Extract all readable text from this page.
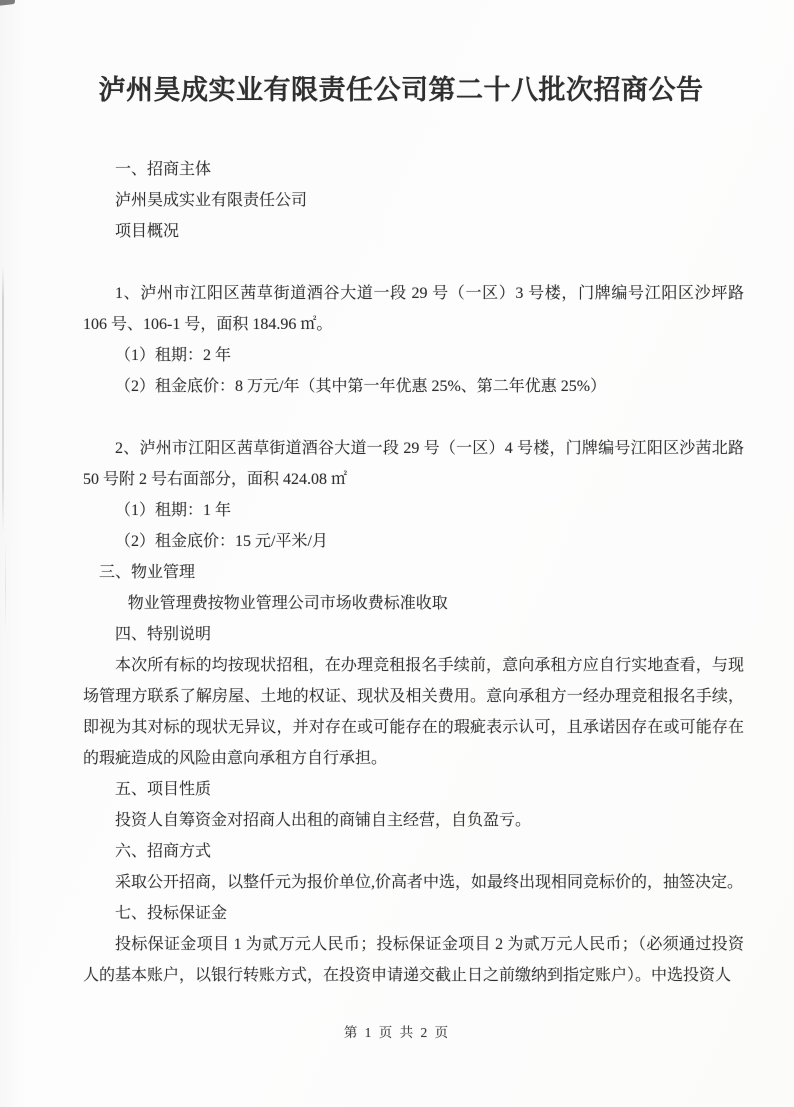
泸州昊成实业有限责任公司第二十八批次招商公告

一、招商主体

泸州昊成实业有限责任公司

项目概况

1、泸州市江阳区茜草街道酒谷大道一段 29 号（一区）3 号楼，门牌编号江阳区沙坪路 106 号、106-1 号，面积 184.96 ㎡。

（1）租期：2 年

（2）租金底价：8 万元/年（其中第一年优惠 25%、第二年优惠 25%）

2、泸州市江阳区茜草街道酒谷大道一段 29 号（一区）4 号楼，门牌编号江阳区沙茜北路 50 号附 2 号右面部分，面积 424.08 ㎡

（1）租期：1 年

（2）租金底价：15 元/平米/月

三、物业管理

物业管理费按物业管理公司市场收费标准收取

四、特别说明

本次所有标的均按现状招租，在办理竞租报名手续前，意向承租方应自行实地查看，与现场管理方联系了解房屋、土地的权证、现状及相关费用。意向承租方一经办理竞租报名手续，即视为其对标的现状无异议，并对存在或可能存在的瑕疵表示认可，且承诺因存在或可能存在的瑕疵造成的风险由意向承租方自行承担。

五、项目性质

投资人自筹资金对招商人出租的商铺自主经营，自负盈亏。

六、招商方式

采取公开招商，以整仟元为报价单位,价高者中选，如最终出现相同竞标价的，抽签决定。

七、投标保证金

投标保证金项目 1 为贰万元人民币；投标保证金项目 2 为贰万元人民币；（必须通过投资人的基本账户，以银行转账方式，在投资申请递交截止日之前缴纳到指定账户）。中选投资人

第 1 页 共 2 页
